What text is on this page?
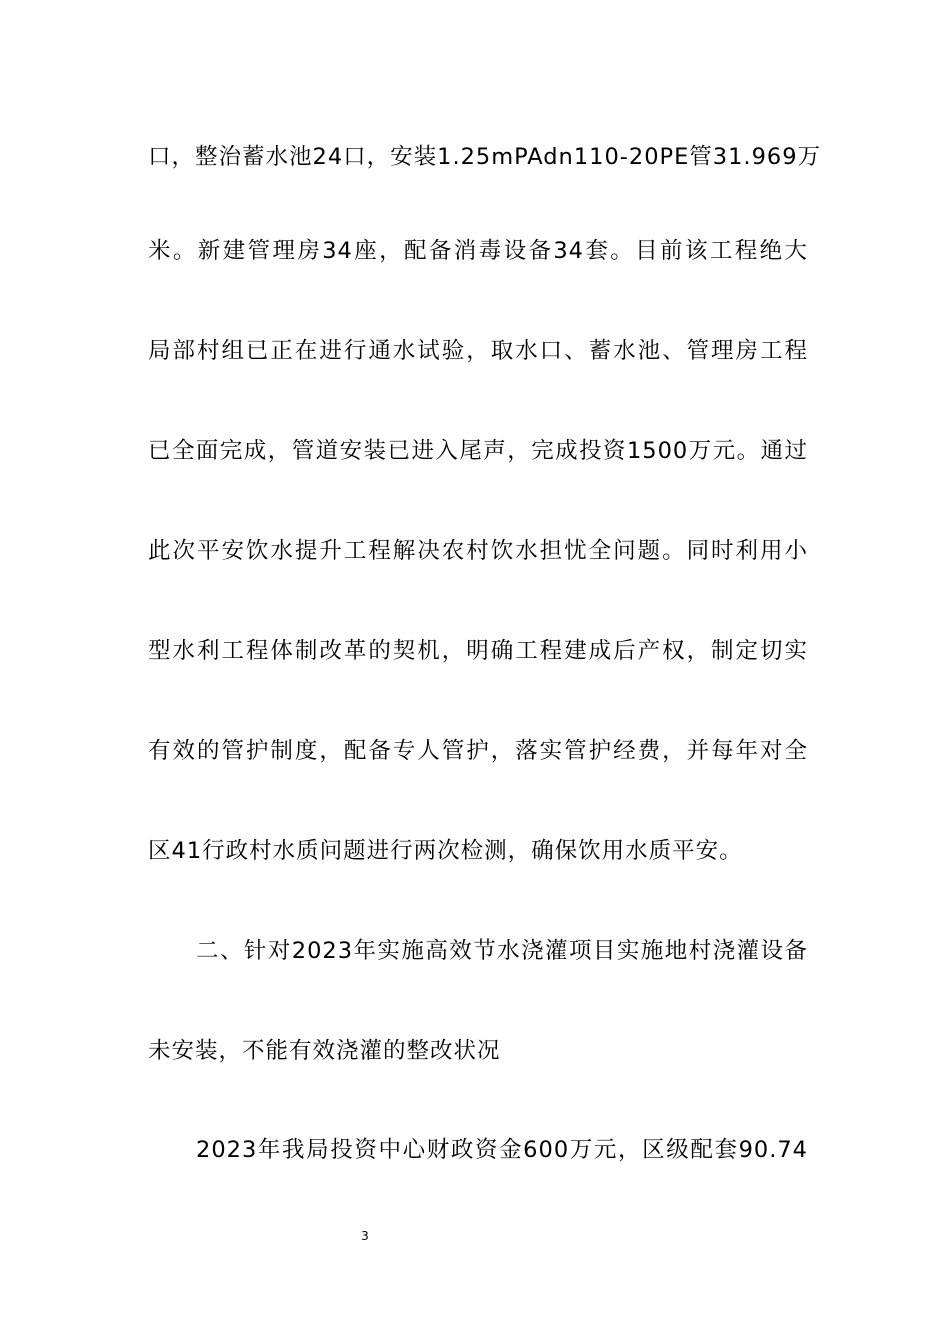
口，整治蓄水池24口，安装1.25mPAdn110-20PE管31.969万
米。新建管理房34座，配备消毒设备34套。目前该工程绝大
局部村组已正在进行通水试验，取水口、蓄水池、管理房工程
已全面完成，管道安装已进入尾声，完成投资1500万元。通过
此次平安饮水提升工程解决农村饮水担忧全问题。同时利用小
型水利工程体制改革的契机，明确工程建成后产权，制定切实
有效的管护制度，配备专人管护，落实管护经费，并每年对全
区41行政村水质问题进行两次检测，确保饮用水质平安。
二、针对2023年实施高效节水浇灌项目实施地村浇灌设备
未安装，不能有效浇灌的整改状况
2023年我局投资中心财政资金600万元，区级配套90.74
3
